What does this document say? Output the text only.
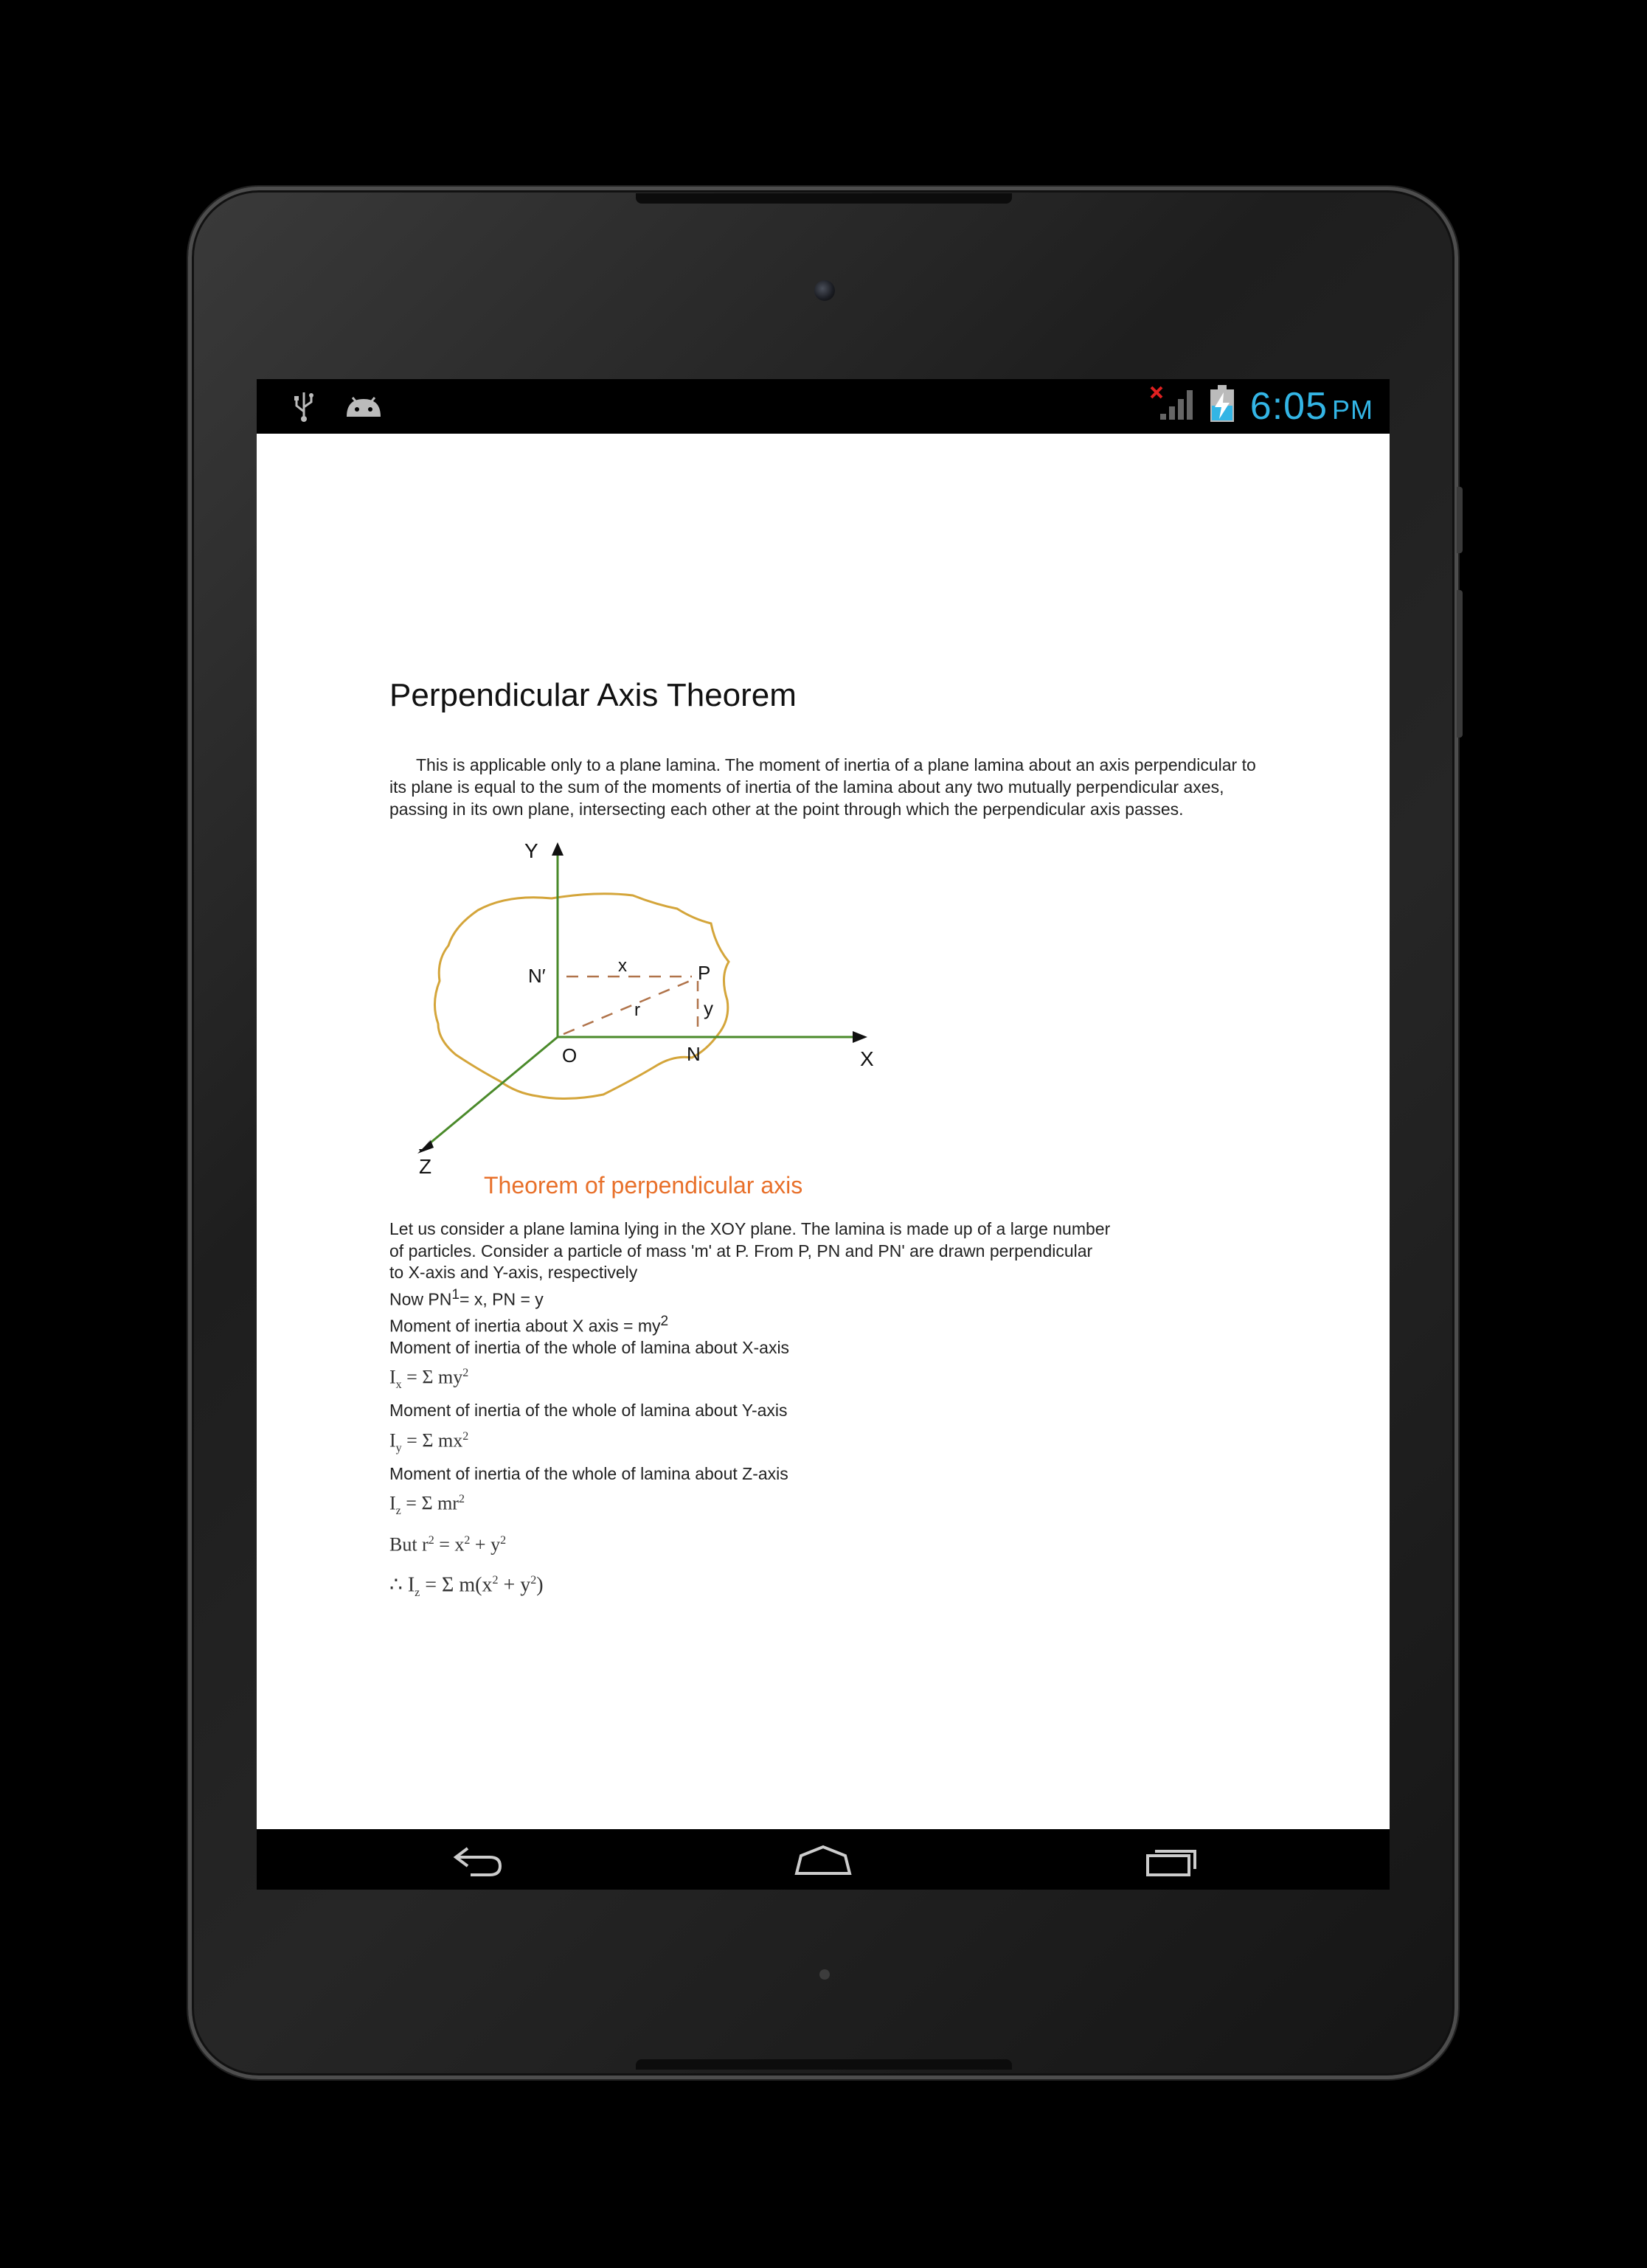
6:05 PM
Perpendicular Axis Theorem

This is applicable only to a plane lamina. The moment of inertia of a plane lamina about an axis perpendicular to its plane is equal to the sum of the moments of inertia of the lamina about any two mutually perpendicular axes, passing in its own plane, intersecting each other at the point through which the perpendicular axis passes.

Y
X
Z
O	N
N′	P
x
y
r
Theorem of perpendicular axis
Let us consider a plane lamina lying in the XOY plane. The lamina is made up of a large number
of particles. Consider a particle of mass 'm' at P. From P, PN and PN' are drawn perpendicular
to X-axis and Y-axis, respectively
Now $PN^1= x$, PN = y
Moment of inertia about X axis = $my^2$
Moment of inertia of the whole of lamina about X-axis
$I_x = \Sigma$ $my^2$
Moment of inertia of the whole of lamina about Y-axis
$I_y = \Sigma$ $mx^2$
Moment of inertia of the whole of lamina about Z-axis
$I_z = \Sigma$ $mr^2$
But $r^2 = x^2 + y^2$
∴ $I_z = \Sigma$ $m(x^2 + y^2)$
